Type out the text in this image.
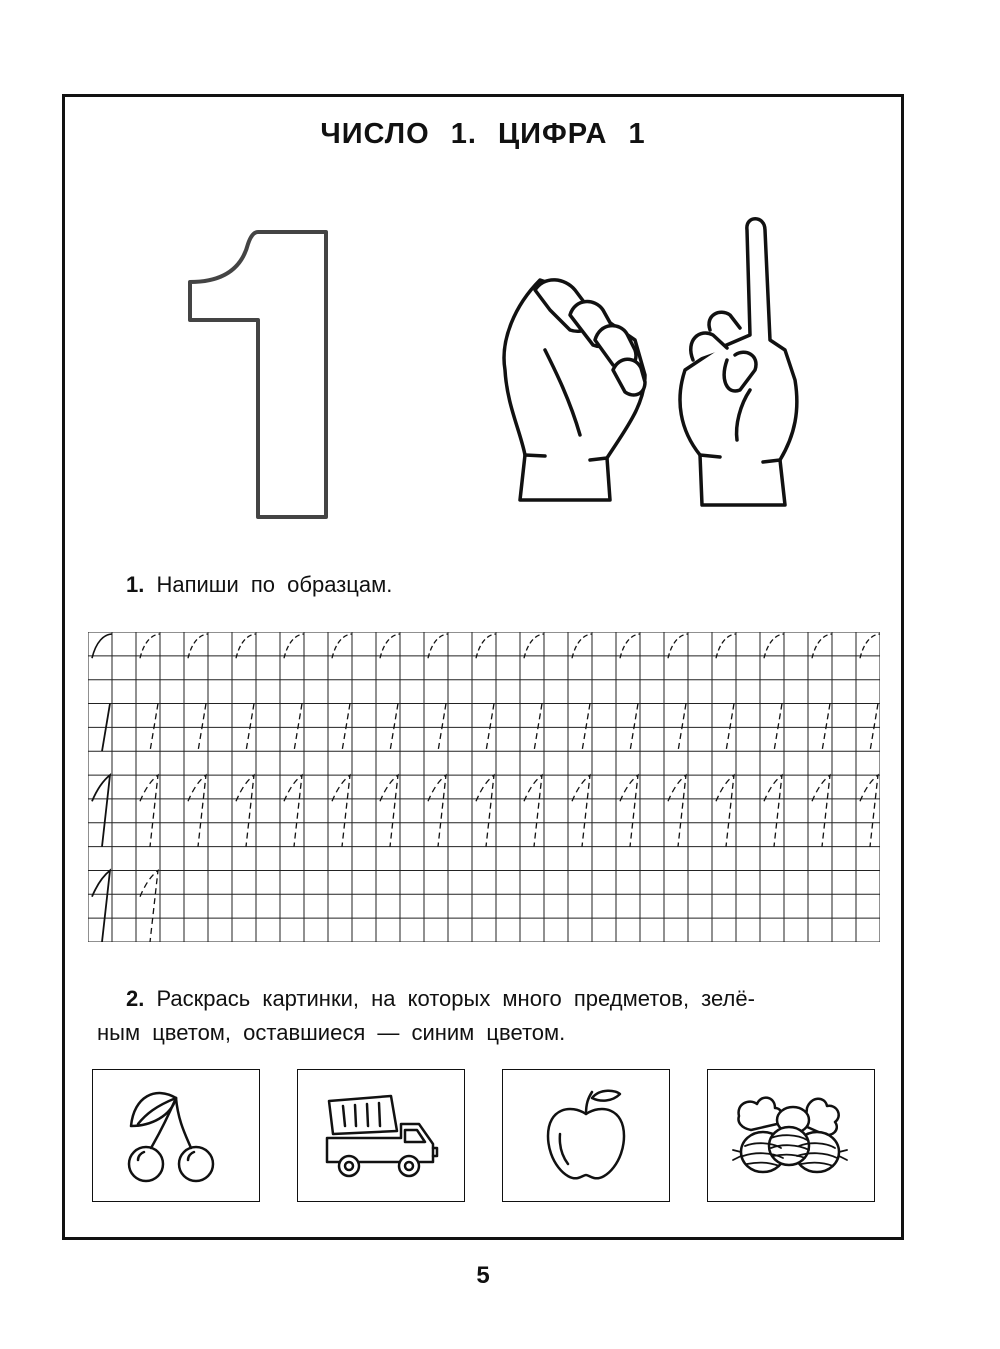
ЧИСЛО 1. ЦИФРА 1
1. Напиши по образцам.
2. Раскрась картинки, на которых много предметов, зелё-
ным цветом, оставшиеся — синим цветом.
5
